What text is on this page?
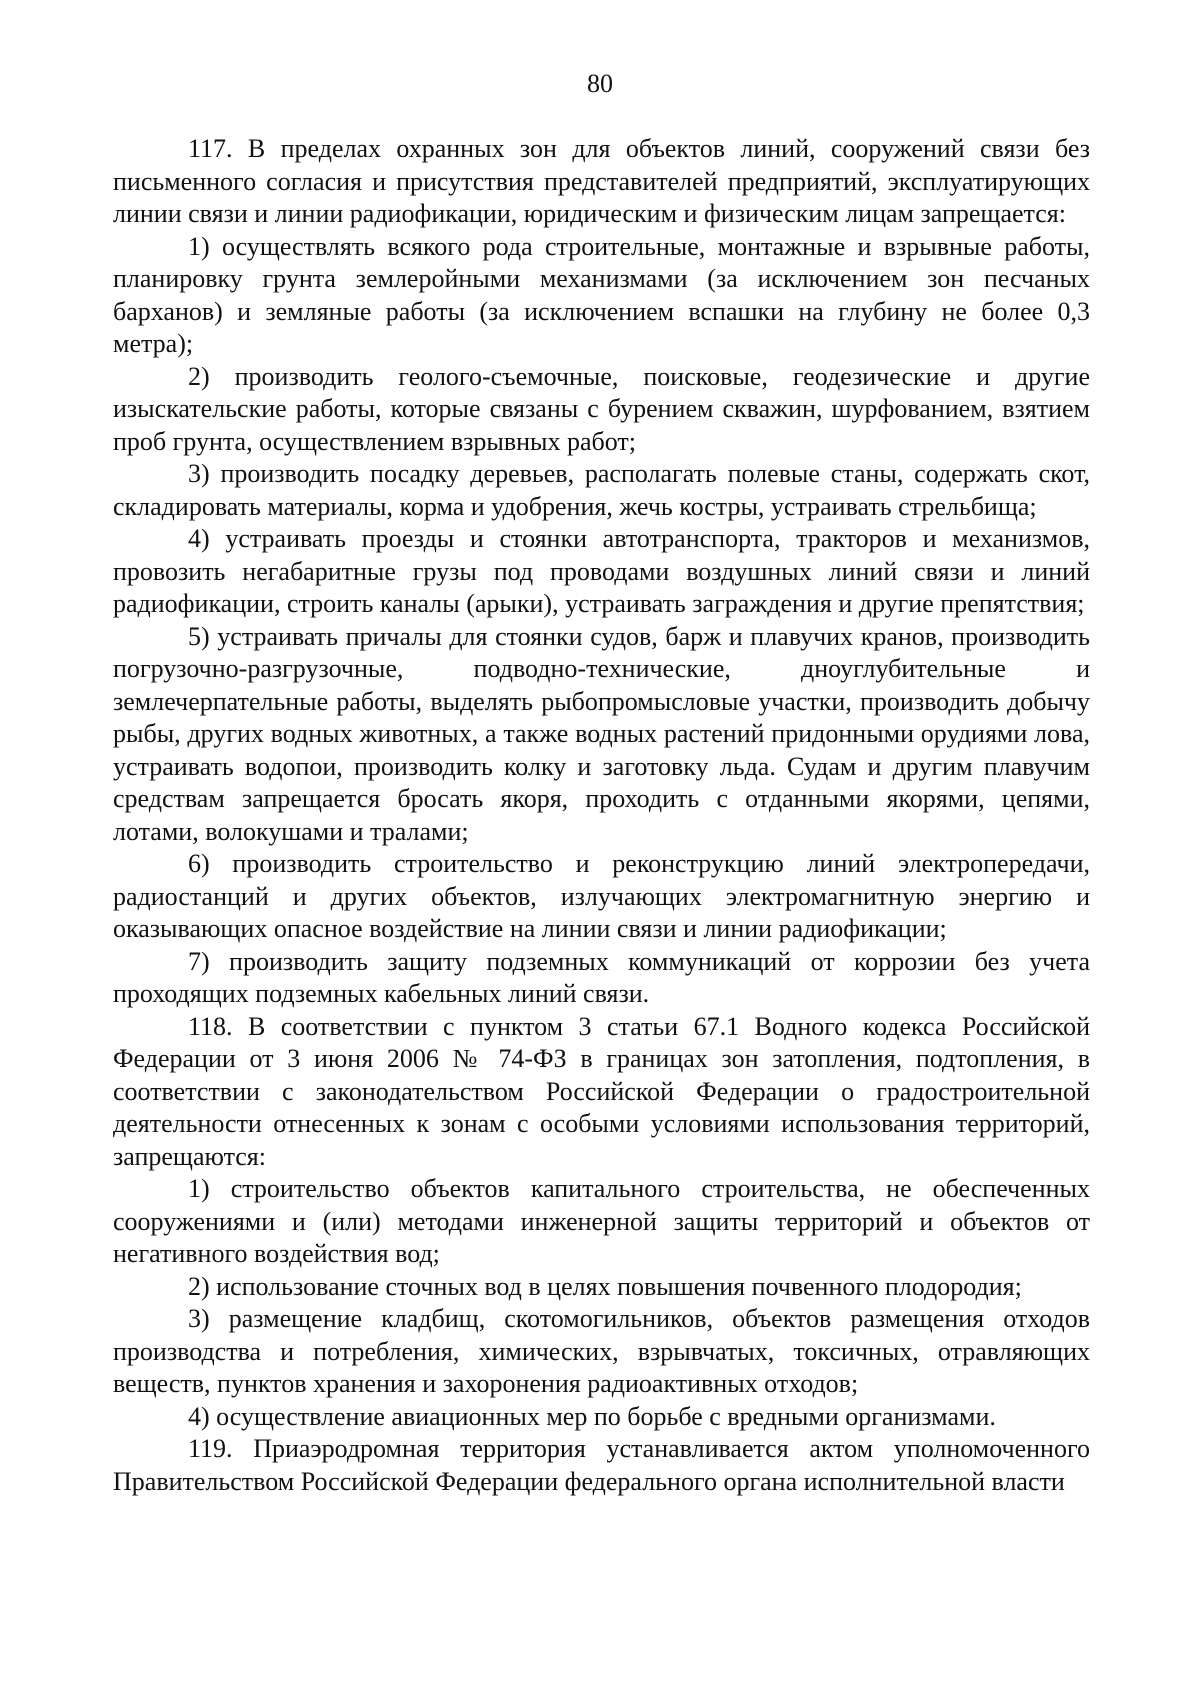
80

117. В пределах охранных зон для объектов линий, сооружений связи без письменного согласия и присутствия представителей предприятий, эксплуатирующих линии связи и линии радиофикации, юридическим и физическим лицам запрещается:

1) осуществлять всякого рода строительные, монтажные и взрывные работы, планировку грунта землеройными механизмами (за исключением зон песчаных барханов) и земляные работы (за исключением вспашки на глубину не более 0,3 метра);

2) производить геолого-съемочные, поисковые, геодезические и другие изыскательские работы, которые связаны с бурением скважин, шурфованием, взятием проб грунта, осуществлением взрывных работ;

3) производить посадку деревьев, располагать полевые станы, содержать скот, складировать материалы, корма и удобрения, жечь костры, устраивать стрельбища;

4) устраивать проезды и стоянки автотранспорта, тракторов и механизмов, провозить негабаритные грузы под проводами воздушных линий связи и линий радиофикации, строить каналы (арыки), устраивать заграждения и другие препятствия;

5) устраивать причалы для стоянки судов, барж и плавучих кранов, производить погрузочно-разгрузочные, подводно-технические, дноуглубительные и землечерпательные работы, выделять рыбопромысловые участки, производить добычу рыбы, других водных животных, а также водных растений придонными орудиями лова, устраивать водопои, производить колку и заготовку льда. Судам и другим плавучим средствам запрещается бросать якоря, проходить с отданными якорями, цепями, лотами, волокушами и тралами;

6) производить строительство и реконструкцию линий электропередачи, радиостанций и других объектов, излучающих электромагнитную энергию и оказывающих опасное воздействие на линии связи и линии радиофикации;

7) производить защиту подземных коммуникаций от коррозии без учета проходящих подземных кабельных линий связи.

118. В соответствии с пунктом 3 статьи 67.1 Водного кодекса Российской Федерации от 3 июня 2006 № 74-ФЗ в границах зон затопления, подтопления, в соответствии с законодательством Российской Федерации о градостроительной деятельности отнесенных к зонам с особыми условиями использования территорий, запрещаются:

1) строительство объектов капитального строительства, не обеспеченных сооружениями и (или) методами инженерной защиты территорий и объектов от негативного воздействия вод;

2) использование сточных вод в целях повышения почвенного плодородия;

3) размещение кладбищ, скотомогильников, объектов размещения отходов производства и потребления, химических, взрывчатых, токсичных, отравляющих веществ, пунктов хранения и захоронения радиоактивных отходов;

4) осуществление авиационных мер по борьбе с вредными организмами.

119. Приаэродромная территория устанавливается актом уполномоченного Правительством Российской Федерации федерального органа исполнительной власти
